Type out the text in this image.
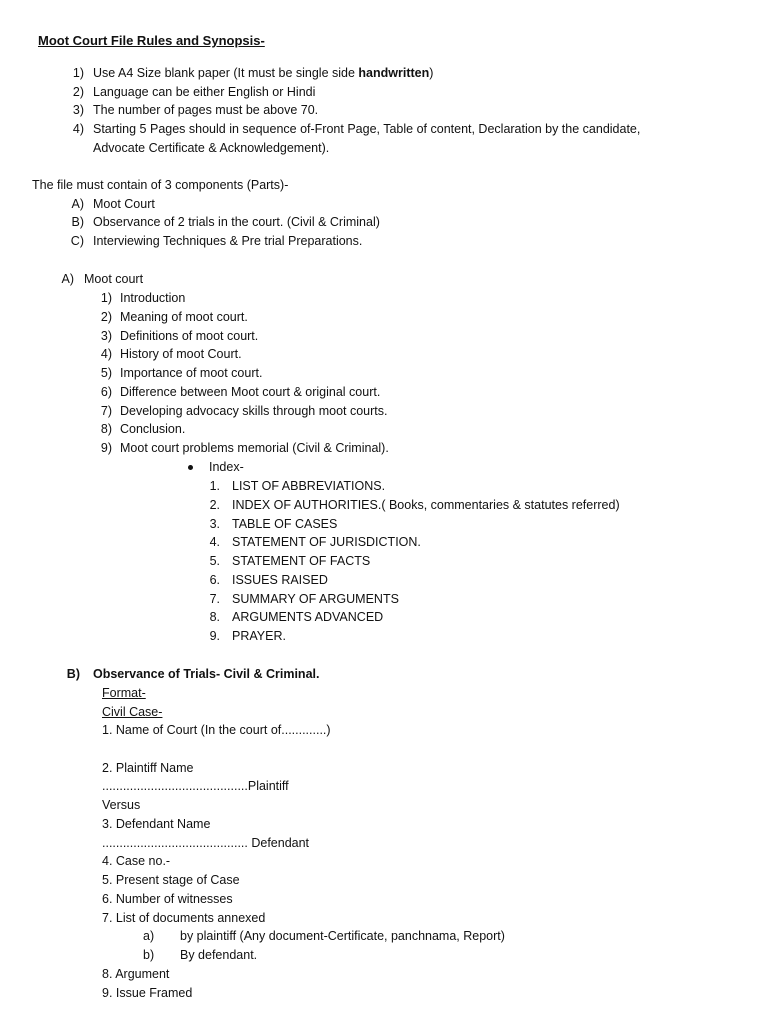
Moot Court File Rules and Synopsis-
1) Use A4 Size blank paper (It must be single side handwritten)
2) Language can be either English or Hindi
3) The number of pages must be above 70.
4) Starting 5 Pages should in sequence of-Front Page, Table of content, Declaration by the candidate,
Advocate Certificate & Acknowledgement).
The file must contain of 3 components (Parts)-
A) Moot Court
B) Observance of 2 trials in the court. (Civil & Criminal)
C) Interviewing Techniques & Pre trial Preparations.
A) Moot court
1) Introduction
2) Meaning of moot court.
3) Definitions of moot court.
4) History of moot Court.
5) Importance of moot court.
6) Difference between Moot court & original court.
7) Developing advocacy skills through moot courts.
8) Conclusion.
9) Moot court problems memorial (Civil & Criminal).
Index-
1. LIST OF ABBREVIATIONS.
2. INDEX OF AUTHORITIES.( Books, commentaries & statutes referred)
3. TABLE OF CASES
4. STATEMENT OF JURISDICTION.
5. STATEMENT OF FACTS
6. ISSUES RAISED
7. SUMMARY OF ARGUMENTS
8. ARGUMENTS ADVANCED
9. PRAYER.
B) Observance of Trials- Civil & Criminal.
Format-
Civil Case-
1. Name of Court (In the court of.............)
2. Plaintiff Name
..........................................Plaintiff
Versus
3. Defendant Name
.......................................... Defendant
4. Case no.-
5. Present stage of Case
6. Number of witnesses
7. List of documents annexed
a) by plaintiff (Any document-Certificate, panchnama, Report)
b) By defendant.
8. Argument
9. Issue Framed
